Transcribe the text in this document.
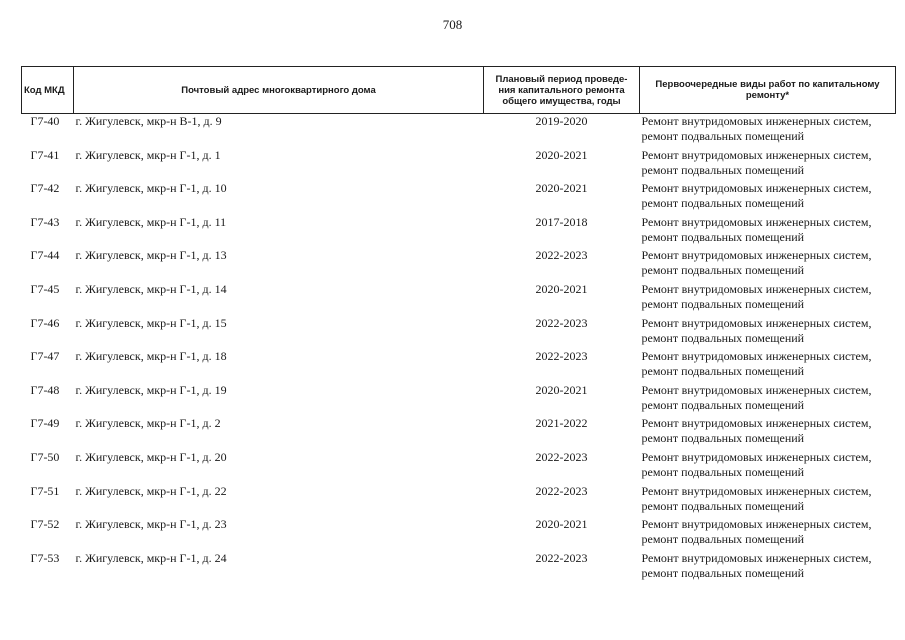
708
Код МКД	Почтовый адрес многоквартирного дома	Плановый период проведе-ния капитального ремонта общего имущества, годы	Первоочередные виды работ по капитальному ремонту*
Г7-40	г. Жигулевск, мкр-н В-1, д. 9	2019-2020	Ремонт внутридомовых инженерных систем,
ремонт подвальных помещений

Г7-41	г. Жигулевск, мкр-н Г-1, д. 1	2020-2021	Ремонт внутридомовых инженерных систем,
ремонт подвальных помещений

Г7-42	г. Жигулевск, мкр-н Г-1, д. 10	2020-2021	Ремонт внутридомовых инженерных систем,
ремонт подвальных помещений

Г7-43	г. Жигулевск, мкр-н Г-1, д. 11	2017-2018	Ремонт внутридомовых инженерных систем,
ремонт подвальных помещений

Г7-44	г. Жигулевск, мкр-н Г-1, д. 13	2022-2023	Ремонт внутридомовых инженерных систем,
ремонт подвальных помещений

Г7-45	г. Жигулевск, мкр-н Г-1, д. 14	2020-2021	Ремонт внутридомовых инженерных систем,
ремонт подвальных помещений

Г7-46	г. Жигулевск, мкр-н Г-1, д. 15	2022-2023	Ремонт внутридомовых инженерных систем,
ремонт подвальных помещений

Г7-47	г. Жигулевск, мкр-н Г-1, д. 18	2022-2023	Ремонт внутридомовых инженерных систем,
ремонт подвальных помещений

Г7-48	г. Жигулевск, мкр-н Г-1, д. 19	2020-2021	Ремонт внутридомовых инженерных систем,
ремонт подвальных помещений

Г7-49	г. Жигулевск, мкр-н Г-1, д. 2	2021-2022	Ремонт внутридомовых инженерных систем,
ремонт подвальных помещений

Г7-50	г. Жигулевск, мкр-н Г-1, д. 20	2022-2023	Ремонт внутридомовых инженерных систем,
ремонт подвальных помещений

Г7-51	г. Жигулевск, мкр-н Г-1, д. 22	2022-2023	Ремонт внутридомовых инженерных систем,
ремонт подвальных помещений

Г7-52	г. Жигулевск, мкр-н Г-1, д. 23	2020-2021	Ремонт внутридомовых инженерных систем,
ремонт подвальных помещений

Г7-53	г. Жигулевск, мкр-н Г-1, д. 24	2022-2023	Ремонт внутридомовых инженерных систем,
ремонт подвальных помещений
